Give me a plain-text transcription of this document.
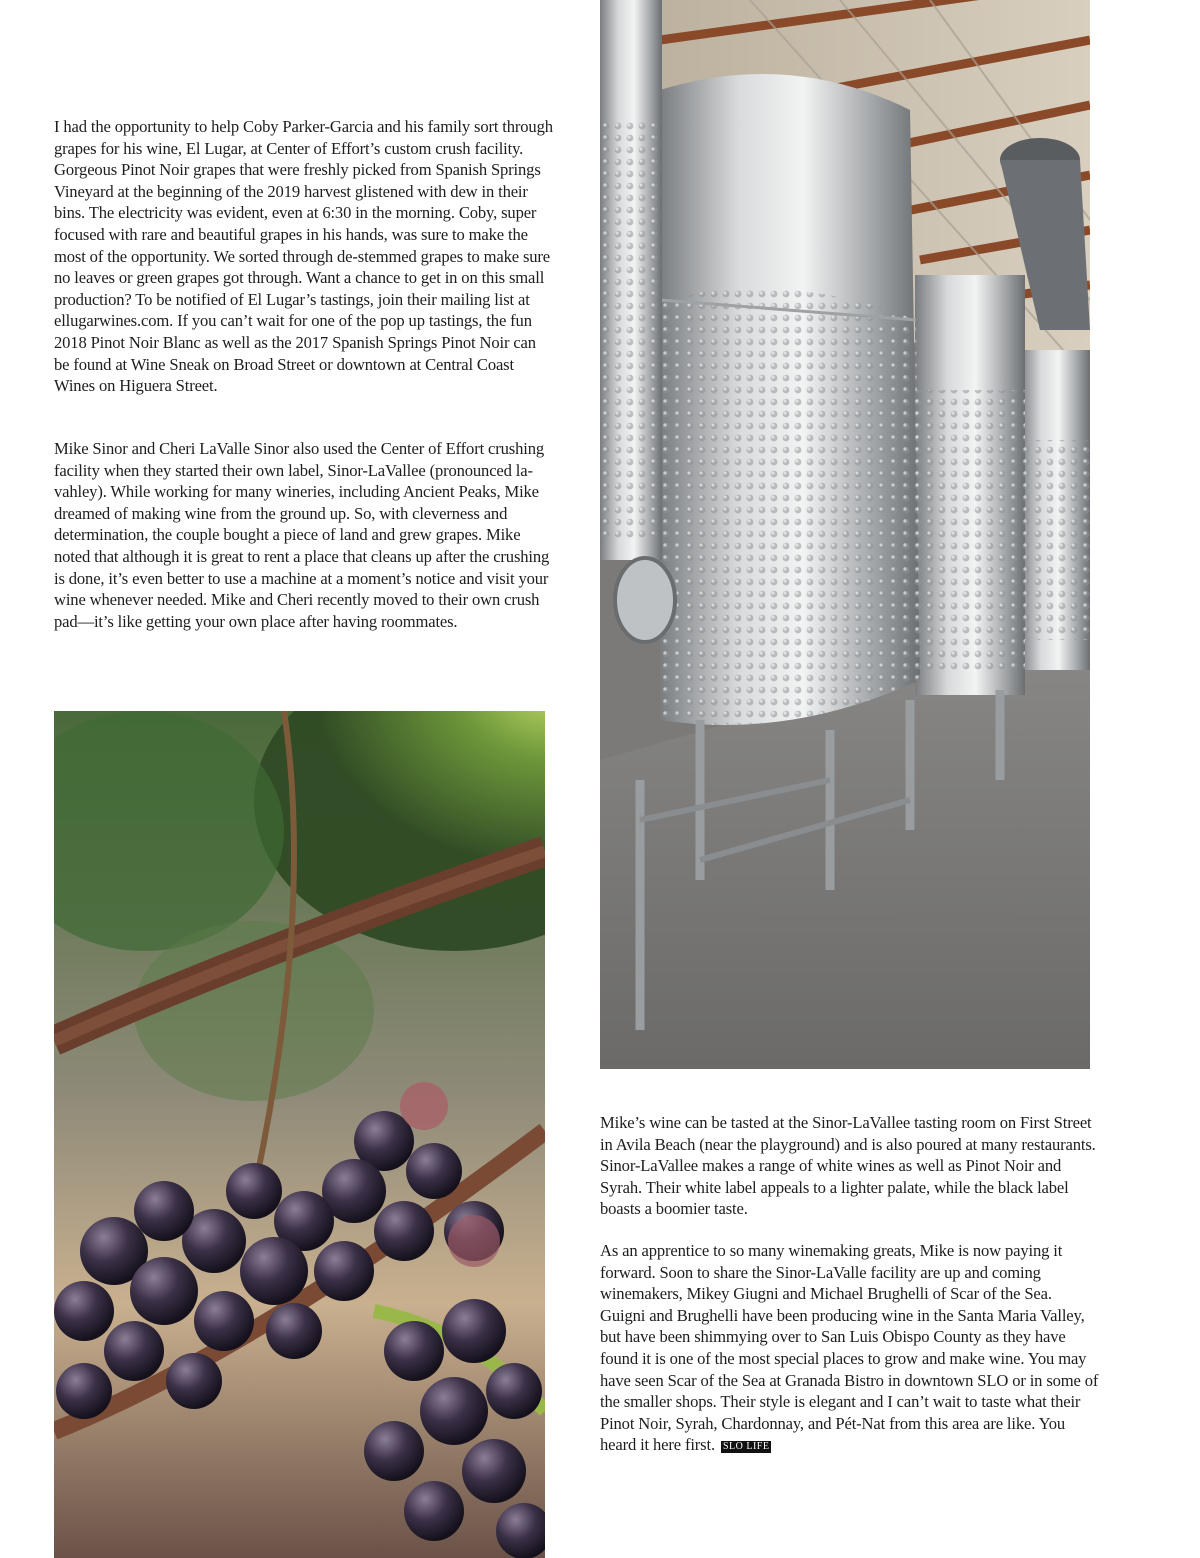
I had the opportunity to help Coby Parker-Garcia and his family sort through grapes for his wine, El Lugar, at Center of Effort’s custom crush facility. Gorgeous Pinot Noir grapes that were freshly picked from Spanish Springs Vineyard at the beginning of the 2019 harvest glistened with dew in their bins. The electricity was evident, even at 6:30 in the morning. Coby, super focused with rare and beautiful grapes in his hands, was sure to make the most of the opportunity. We sorted through de-stemmed grapes to make sure no leaves or green grapes got through. Want a chance to get in on this small production? To be notified of El Lugar’s tastings, join their mailing list at ellugarwines.com. If you can’t wait for one of the pop up tastings, the fun 2018 Pinot Noir Blanc as well as the 2017 Spanish Springs Pinot Noir can be found at Wine Sneak on Broad Street or downtown at Central Coast Wines on Higuera Street.

Mike Sinor and Cheri LaValle Sinor also used the Center of Effort crushing facility when they started their own label, Sinor-LaVallee (pronounced la-vahley). While working for many wineries, including Ancient Peaks, Mike dreamed of making wine from the ground up. So, with cleverness and determination, the couple bought a piece of land and grew grapes. Mike noted that although it is great to rent a place that cleans up after the crushing is done, it’s even better to use a machine at a moment’s notice and visit your wine whenever needed. Mike and Cheri recently moved to their own crush pad—it’s like getting your own place after having roommates.

Mike’s wine can be tasted at the Sinor-LaVallee tasting room on First Street in Avila Beach (near the playground) and is also poured at many restaurants. Sinor-LaVallee makes a range of white wines as well as Pinot Noir and Syrah. Their white label appeals to a lighter palate, while the black label boasts a boomier taste.

As an apprentice to so many winemaking greats, Mike is now paying it forward. Soon to share the Sinor-LaValle facility are up and coming winemakers, Mikey Giugni and Michael Brughelli of Scar of the Sea. Guigni and Brughelli have been producing wine in the Santa Maria Valley, but have been shimmying over to San Luis Obispo County as they have found it is one of the most special places to grow and make wine. You may have seen Scar of the Sea at Granada Bistro in downtown SLO or in some of the smaller shops. Their style is elegant and I can’t wait to taste what their Pinot Noir, Syrah, Chardonnay, and Pét-Nat from this area are like. You heard it here first. SLO LIFE
